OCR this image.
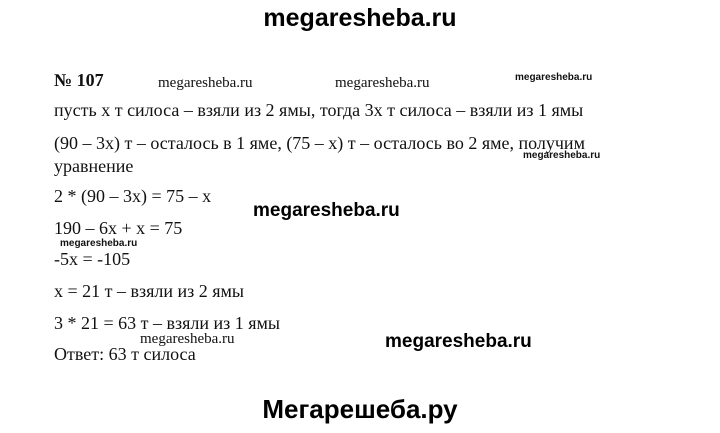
megaresheba.ru
№ 107	megaresheba.ru	megaresheba.ru	megaresheba.ru
пусть х т силоса – взяли из 2 ямы, тогда 3х т силоса – взяли из 1 ямы
(90 – 3х) т – осталось в 1 яме, (75 – х) т – осталось во 2 яме, получим
megaresheba.ru
уравнение
2 * (90 – 3х) = 75 – х
megaresheba.ru
190 – 6х + х = 75
megaresheba.ru
-5х = -105
х = 21 т – взяли из 2 ямы
3 * 21 = 63 т – взяли из 1 ямы
megaresheba.ru	megaresheba.ru
Ответ: 63 т силоса
Мегарешеба.ру
